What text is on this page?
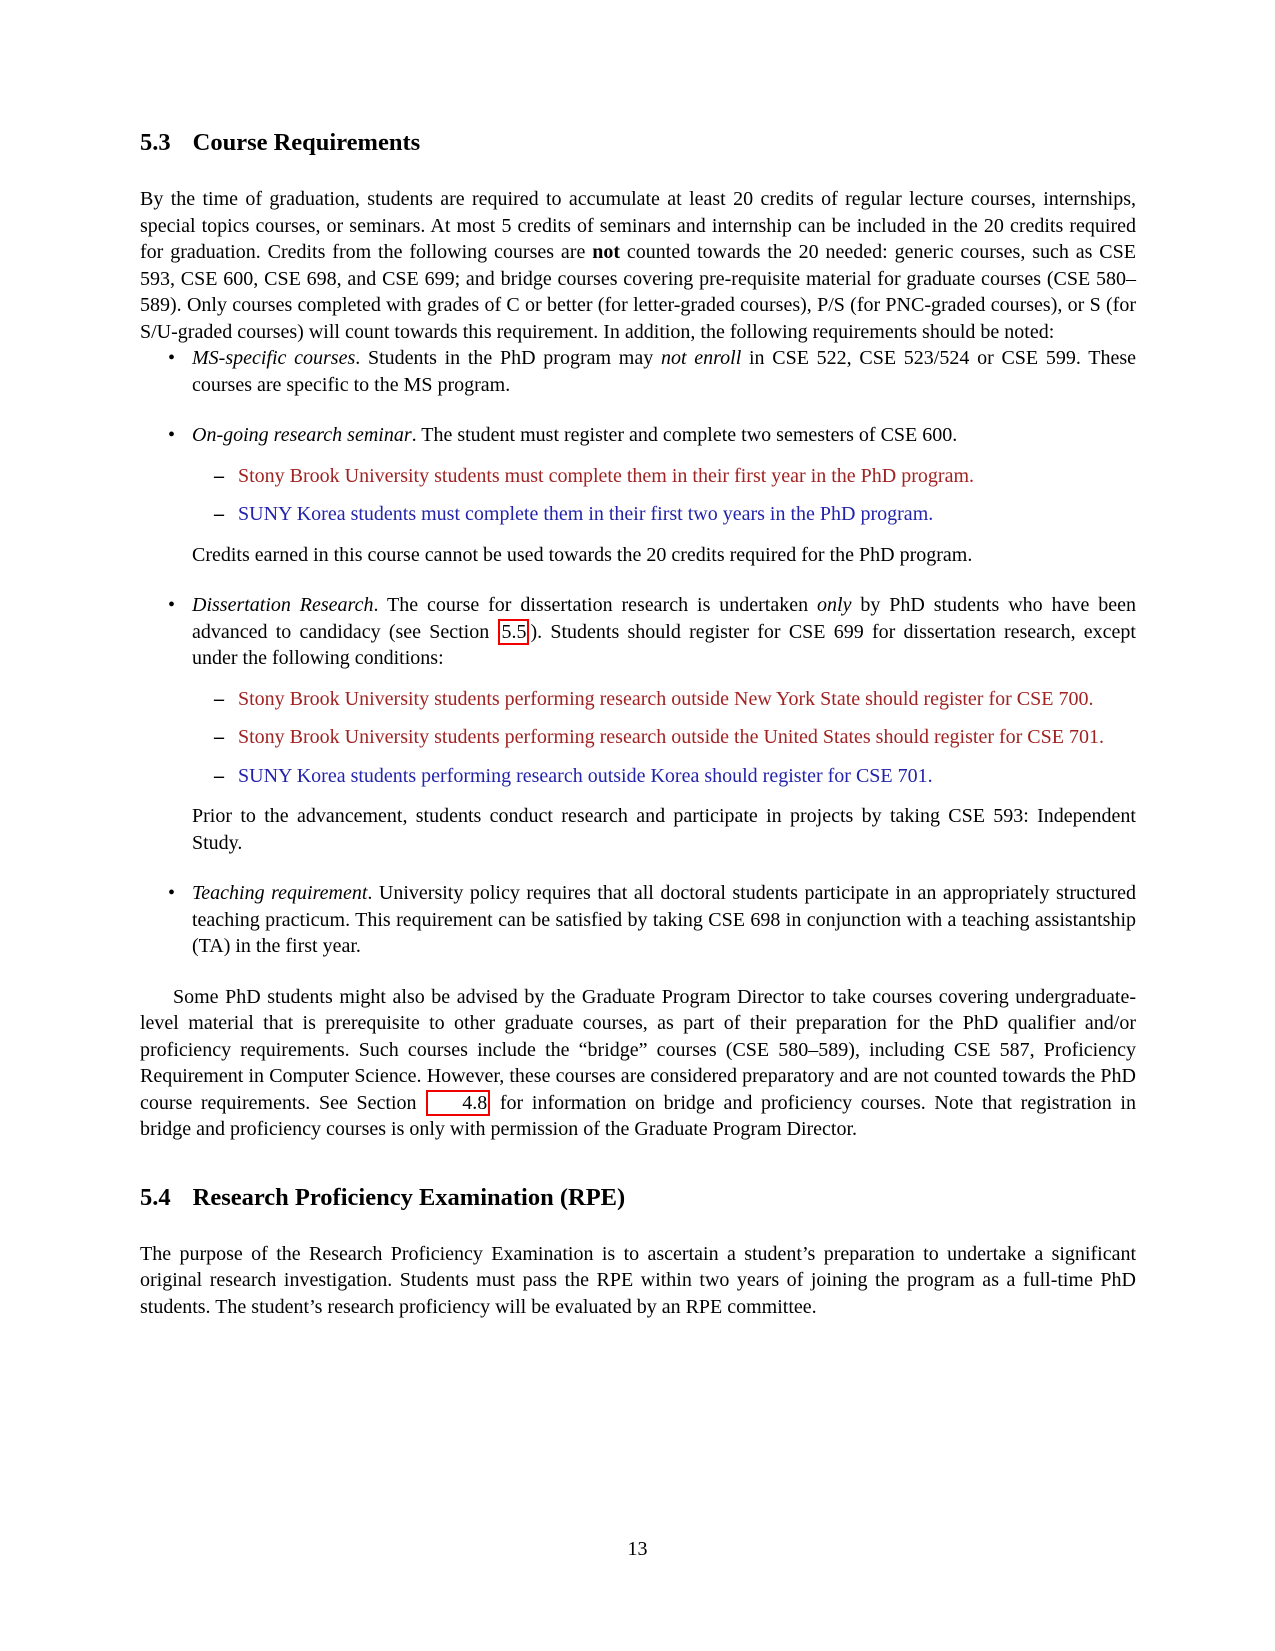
5.3 Course Requirements

By the time of graduation, students are required to accumulate at least 20 credits of regular lecture courses, internships, special topics courses, or seminars. At most 5 credits of seminars and internship can be included in the 20 credits required for graduation. Credits from the following courses are not counted towards the 20 needed: generic courses, such as CSE 593, CSE 600, CSE 698, and CSE 699; and bridge courses covering pre-requisite material for graduate courses (CSE 580–589). Only courses completed with grades of C or better (for letter-graded courses), P/S (for PNC-graded courses), or S (for S/U-graded courses) will count towards this requirement. In addition, the following requirements should be noted:

• MS-specific courses. Students in the PhD program may not enroll in CSE 522, CSE 523/524 or CSE 599. These courses are specific to the MS program.
• On-going research seminar. The student must register and complete two semesters of CSE 600.
– Stony Brook University students must complete them in their first year in the PhD program.
– SUNY Korea students must complete them in their first two years in the PhD program.
Credits earned in this course cannot be used towards the 20 credits required for the PhD program.
• Dissertation Research. The course for dissertation research is undertaken only by PhD students who have been advanced to candidacy (see Section 5.5 ). Students should register for CSE 699 for dissertation research, except under the following conditions:
– Stony Brook University students performing research outside New York State should register for CSE 700.
– Stony Brook University students performing research outside the United States should register for CSE 701.
– SUNY Korea students performing research outside Korea should register for CSE 701.
Prior to the advancement, students conduct research and participate in projects by taking CSE 593: Independent Study.
• Teaching requirement. University policy requires that all doctoral students participate in an appropriately structured teaching practicum. This requirement can be satisfied by taking CSE 698 in conjunction with a teaching assistantship (TA) in the first year.

Some PhD students might also be advised by the Graduate Program Director to take courses covering undergraduate-level material that is prerequisite to other graduate courses, as part of their preparation for the PhD qualifier and/or proficiency requirements. Such courses include the “bridge” courses (CSE 580–589), including CSE 587, Proficiency Requirement in Computer Science. However, these courses are considered preparatory and are not counted towards the PhD course requirements. See Section 4.8 for information on bridge and proficiency courses. Note that registration in bridge and proficiency courses is only with permission of the Graduate Program Director.

5.4 Research Proficiency Examination (RPE)

The purpose of the Research Proficiency Examination is to ascertain a student’s preparation to undertake a significant original research investigation. Students must pass the RPE within two years of joining the program as a full-time PhD students. The student’s research proficiency will be evaluated by an RPE committee.

13
